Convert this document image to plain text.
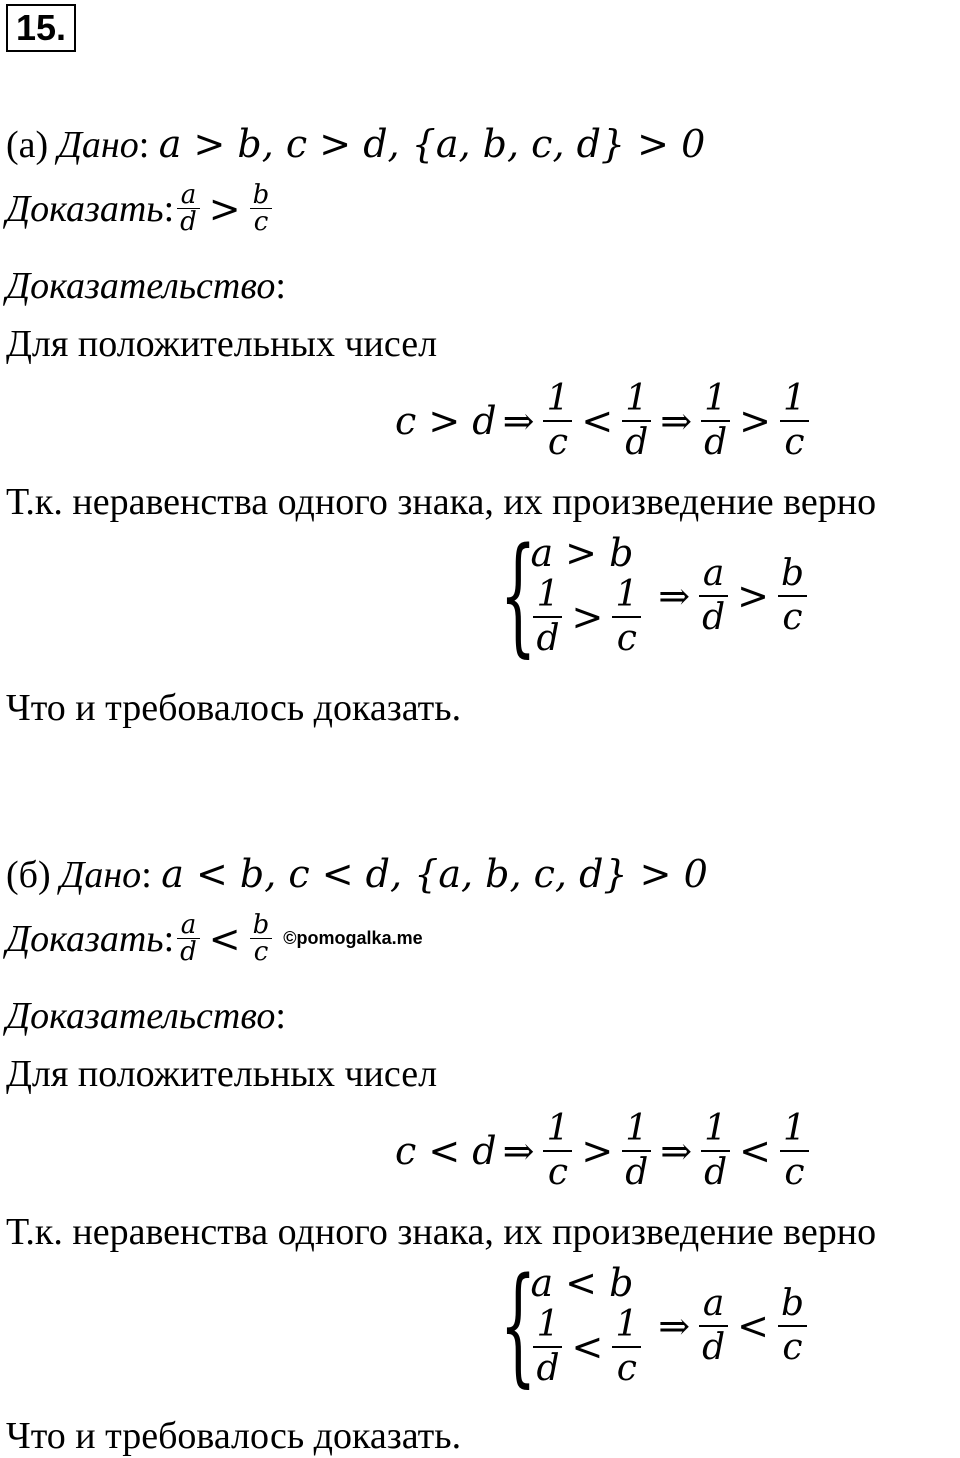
15.
(а) Дано: a > b, c > d, {a, b, c, d} > 0
Доказать : $\frac{a}{d} > \frac{b}{c}$
Доказательство:
Для положительных чисел
c > d ⇒ $\frac{1}{c} < \frac{1}{d}$ ⇒ $\frac{1}{d} > \frac{1}{c}$
Т.к. неравенства одного знака, их произведение верно
{
a > b
$\frac{1}{d} > \frac{1}{c}$ ⇒ $\frac{a}{d} > \frac{b}{c}$
Что и требовалось доказать.
(б) Дано: a < b, c < d, {a, b, c, d} > 0
Доказать : $\frac{a}{d} < \frac{b}{c}$ ©pomogalka.me
Доказательство:
Для положительных чисел
c < d ⇒ $\frac{1}{c} > \frac{1}{d}$ ⇒ $\frac{1}{d} < \frac{1}{c}$
Т.к. неравенства одного знака, их произведение верно
{
a < b
$\frac{1}{d} < \frac{1}{c}$ ⇒ $\frac{a}{d} < \frac{b}{c}$
Что и требовалось доказать.
